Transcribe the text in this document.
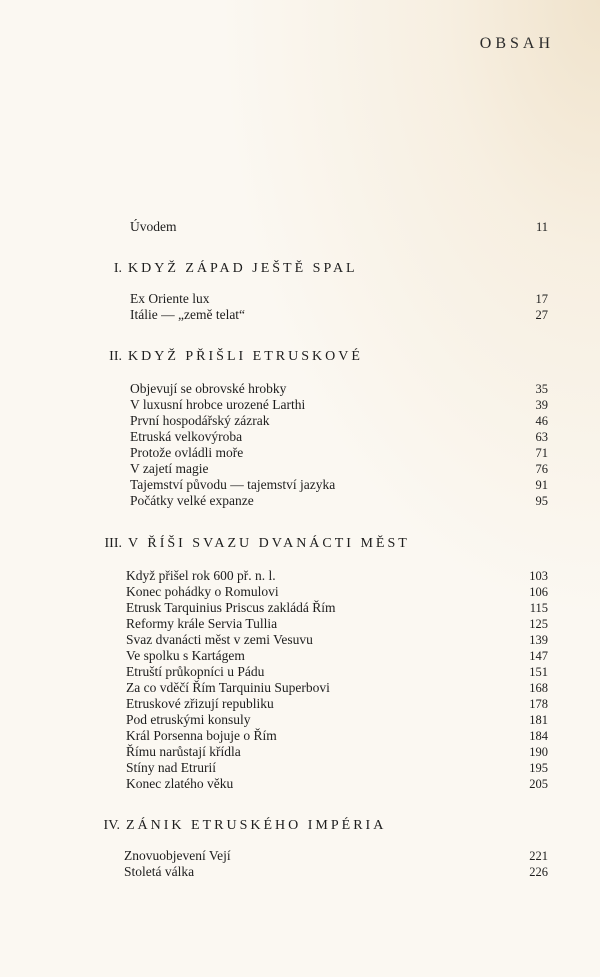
OBSAH
Úvodem	11
I. KDYŽ ZÁPAD JEŠTĚ SPAL
Ex Oriente lux	17
Itálie — „země telat“	27
II. KDYŽ PŘIŠLI ETRUSKOVÉ
Objevují se obrovské hrobky	35
V luxusní hrobce urozené Larthi	39
První hospodářský zázrak	46
Etruská velkovýroba	63
Protože ovládli moře	71
V zajetí magie	76
Tajemství původu — tajemství jazyka	91
Počátky velké expanze	95
III. V ŘÍŠI SVAZU DVANÁCTI MĚST
Když přišel rok 600 př. n. l.	103
Konec pohádky o Romulovi	106
Etrusk Tarquinius Priscus zakládá Řím	115
Reformy krále Servia Tullia	125
Svaz dvanácti měst v zemi Vesuvu	139
Ve spolku s Kartágem	147
Etruští průkopníci u Pádu	151
Za co vděčí Řím Tarquiniu Superbovi	168
Etruskové zřizují republiku	178
Pod etruskými konsuly	181
Král Porsenna bojuje o Řím	184
Římu narůstají křídla	190
Stíny nad Etrurií	195
Konec zlatého věku	205
IV. ZÁNIK ETRUSKÉHO IMPÉRIA
Znovuobjevení Vejí	221
Stoletá válka	226
